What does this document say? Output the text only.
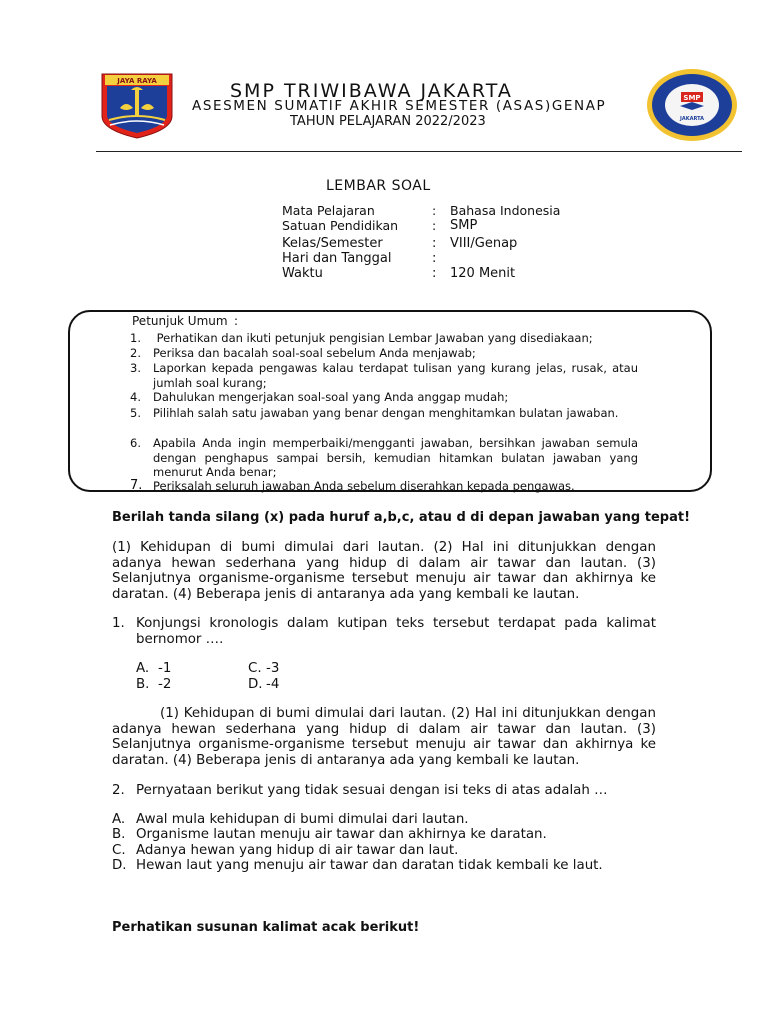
JAYA RAYA	SMP TRIWIBAWA JAKARTA
ASESMEN SUMATIF AKHIR SEMESTER (ASAS)GENAP
TAHUN PELAJARAN 2022/2023
SMP
JAKARTA
LEMBAR SOAL
Mata Pelajaran	: Bahasa Indonesia
Satuan Pendidikan	: SMP
Kelas/Semester	: VIII/Genap
Hari dan Tanggal	:
Waktu	: 120 Menit
Petunjuk Umum :
1. Perhatikan dan ikuti petunjuk pengisian Lembar Jawaban yang disediakaan;
2. Periksa dan bacalah soal-soal sebelum Anda menjawab;
3. Laporkan kepada pengawas kalau terdapat tulisan yang kurang jelas, rusak, atau jumlah soal kurang;
4. Dahulukan mengerjakan soal-soal yang Anda anggap mudah;
5. Pilihlah salah satu jawaban yang benar dengan menghitamkan bulatan jawaban.
6. Apabila Anda ingin memperbaiki/mengganti jawaban, bersihkan jawaban semula dengan penghapus sampai bersih, kemudian hitamkan bulatan jawaban yang menurut Anda benar;
7. Periksalah seluruh jawaban Anda sebelum diserahkan kepada pengawas.
Berilah tanda silang (x) pada huruf a,b,c, atau d di depan jawaban yang tepat!
(1) Kehidupan di bumi dimulai dari lautan. (2) Hal ini ditunjukkan dengan adanya hewan sederhana yang hidup di dalam air tawar dan lautan. (3) Selanjutnya organisme-organisme tersebut menuju air tawar dan akhirnya ke daratan. (4) Beberapa jenis di antaranya ada yang kembali ke lautan.
1. Konjungsi kronologis dalam kutipan teks tersebut terdapat pada kalimat bernomor ….
A. -1
B. -2
C. -3
D. -4
(1) Kehidupan di bumi dimulai dari lautan. (2) Hal ini ditunjukkan dengan adanya hewan sederhana yang hidup di dalam air tawar dan lautan. (3) Selanjutnya organisme-organisme tersebut menuju air tawar dan akhirnya ke daratan. (4) Beberapa jenis di antaranya ada yang kembali ke lautan.
2. Pernyataan berikut yang tidak sesuai dengan isi teks di atas adalah …
A. Awal mula kehidupan di bumi dimulai dari lautan.
B. Organisme lautan menuju air tawar dan akhirnya ke daratan.
C. Adanya hewan yang hidup di air tawar dan laut.
D. Hewan laut yang menuju air tawar dan daratan tidak kembali ke laut.
Perhatikan susunan kalimat acak berikut!
